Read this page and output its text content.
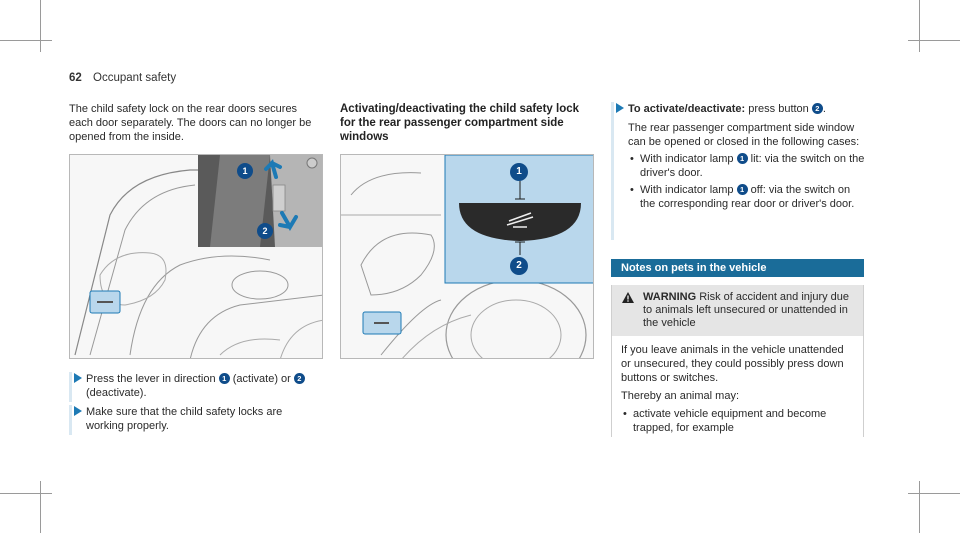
62 Occupant safety

The child safety lock on the rear doors secures each door separately. The doors can no longer be opened from the inside.

1
2
Press the lever in direction 1 (activate) or 2 (deactivate).
Make sure that the child safety locks are working properly.

Activating/deactivating the child safety lock for the rear passenger compartment side windows

1
2
To activate/deactivate: press button 2 .

The rear passenger compartment side window can be opened or closed in the following cases:

• With indicator lamp 1 lit: via the switch on the driver's door.
• With indicator lamp 1 off: via the switch on the corresponding rear door or driver's door.
Notes on pets in the vehicle
WARNING Risk of accident and injury due to animals left unsecured or unattended in the vehicle

If you leave animals in the vehicle unattended or unsecured, they could possibly press down buttons or switches.

Thereby an animal may:

• activate vehicle equipment and become trapped, for example
